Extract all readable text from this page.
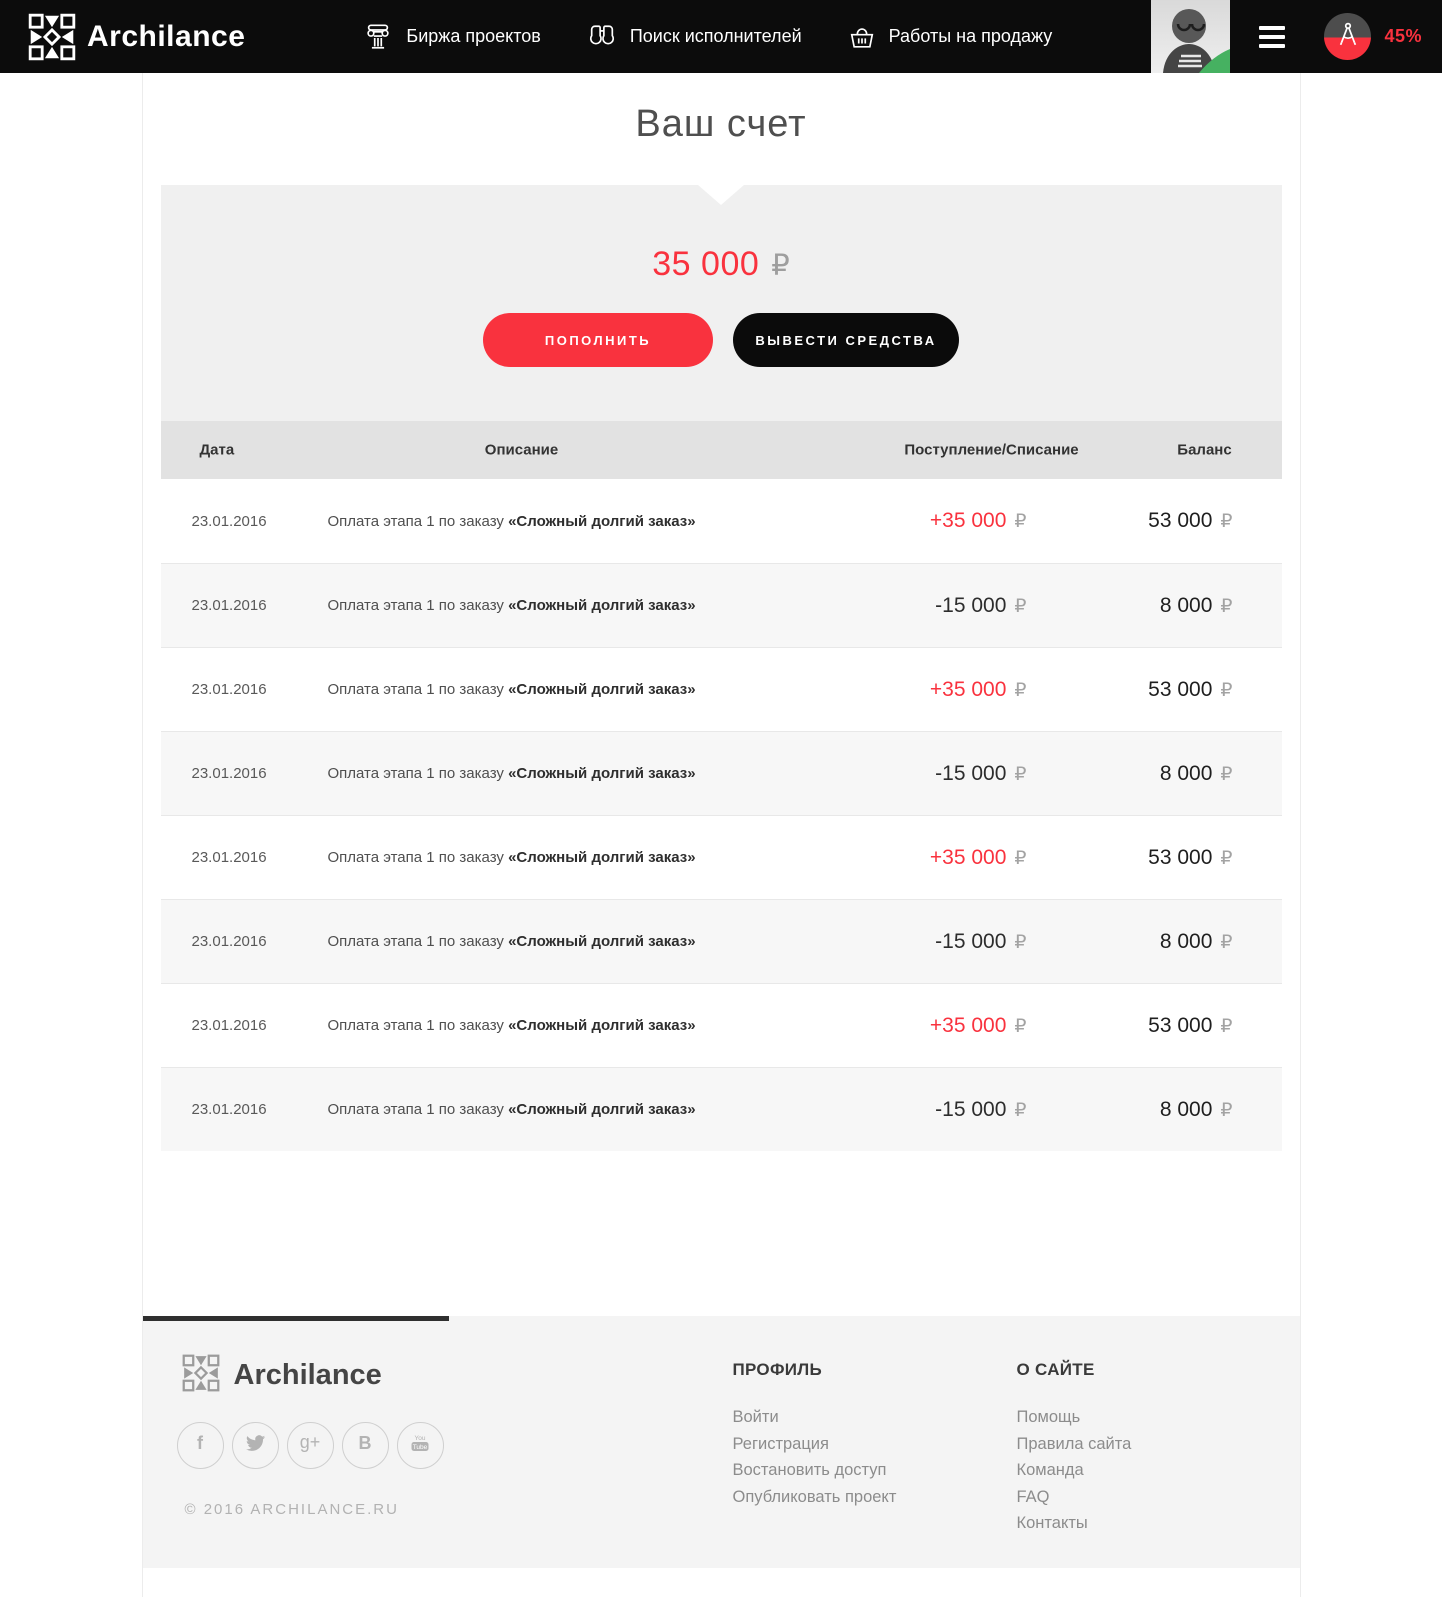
Archilance	Биржа проектов	Поиск исполнителей	Работы на продажу	45%
Ваш счет
35 000 ₽
ПОПОЛНИТЬ	ВЫВЕСТИ СРЕДСТВА
Дата	Описание	Поступление/Списание	Баланс
23.01.2016	Оплата этапа 1 по заказу «Сложный долгий заказ»	+35 000 ₽	53 000 ₽
23.01.2016	Оплата этапа 1 по заказу «Сложный долгий заказ»	-15 000 ₽	8 000 ₽
23.01.2016	Оплата этапа 1 по заказу «Сложный долгий заказ»	+35 000 ₽	53 000 ₽
23.01.2016	Оплата этапа 1 по заказу «Сложный долгий заказ»	-15 000 ₽	8 000 ₽
23.01.2016	Оплата этапа 1 по заказу «Сложный долгий заказ»	+35 000 ₽	53 000 ₽
23.01.2016	Оплата этапа 1 по заказу «Сложный долгий заказ»	-15 000 ₽	8 000 ₽
23.01.2016	Оплата этапа 1 по заказу «Сложный долгий заказ»	+35 000 ₽	53 000 ₽
23.01.2016	Оплата этапа 1 по заказу «Сложный долгий заказ»	-15 000 ₽	8 000 ₽
Archilance
f	g+ B	You
Tube
© 2016 ARCHILANCE.RU
ПРОФИЛЬ
Войти
Регистрация
Востановить доступ
Опубликовать проект
О САЙТЕ
Помощь
Правила сайта
Команда
FAQ
Контакты
